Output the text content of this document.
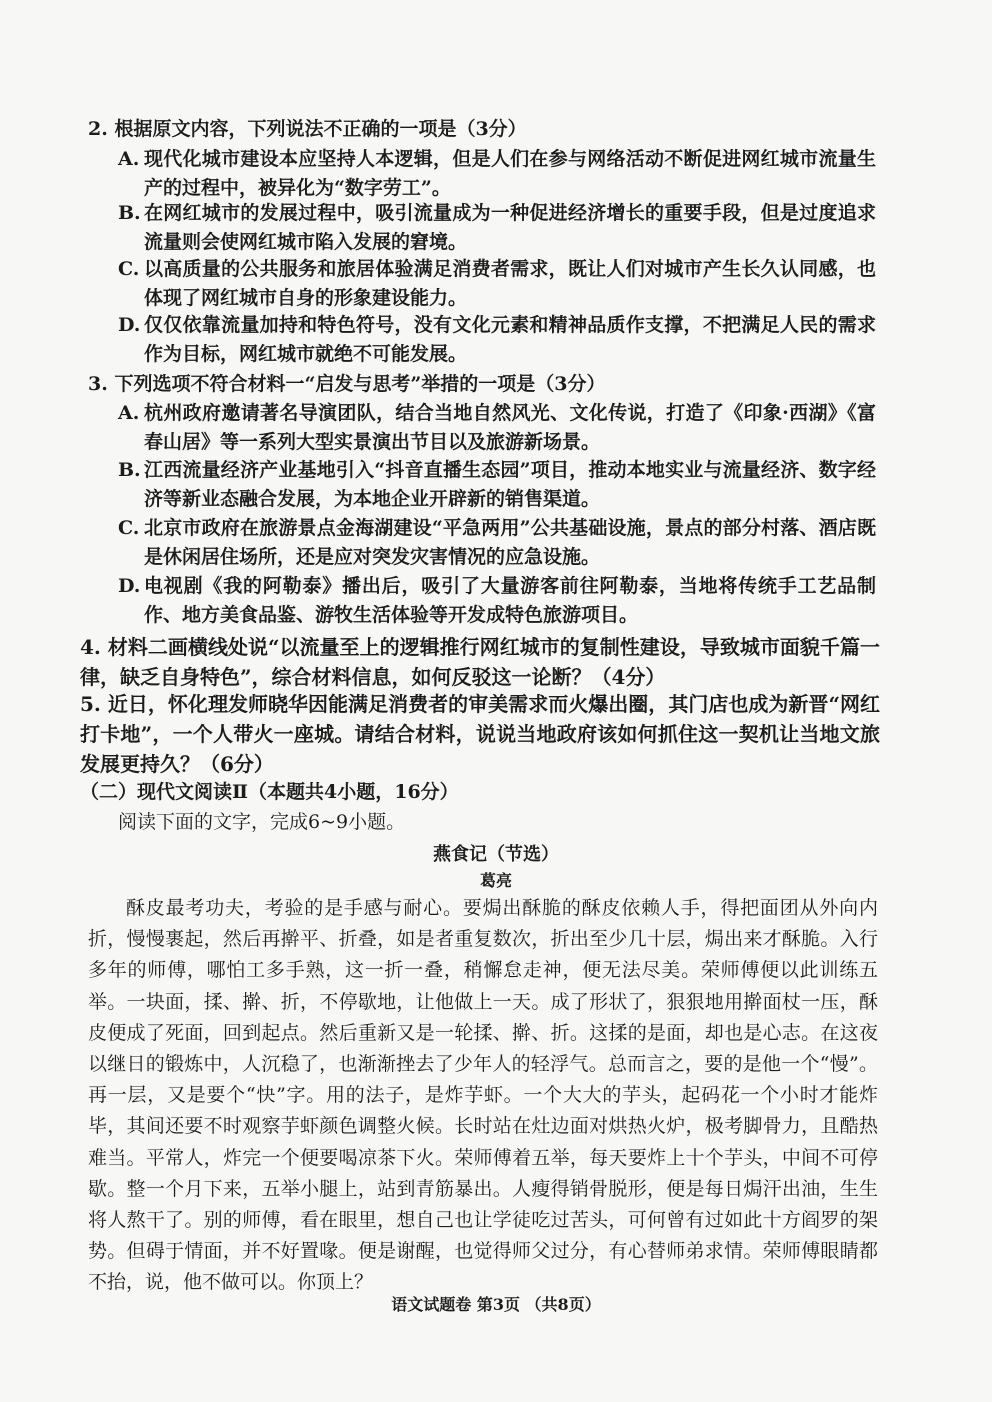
2. 根据原文内容，下列说法不正确的一项是（3分）
A. 现代化城市建设本应坚持人本逻辑，但是人们在参与网络活动不断促进网红城市流量生产的过程中，被异化为“数字劳工”。
B. 在网红城市的发展过程中，吸引流量成为一种促进经济增长的重要手段，但是过度追求流量则会使网红城市陷入发展的窘境。
C. 以高质量的公共服务和旅居体验满足消费者需求，既让人们对城市产生长久认同感，也体现了网红城市自身的形象建设能力。
D. 仅仅依靠流量加持和特色符号，没有文化元素和精神品质作支撑，不把满足人民的需求作为目标，网红城市就绝不可能发展。
3. 下列选项不符合材料一“启发与思考”举措的一项是（3分）
A. 杭州政府邀请著名导演团队，结合当地自然风光、文化传说，打造了《印象·西湖》《富春山居》等一系列大型实景演出节目以及旅游新场景。
B. 江西流量经济产业基地引入“抖音直播生态园”项目，推动本地实业与流量经济、数字经济等新业态融合发展，为本地企业开辟新的销售渠道。
C. 北京市政府在旅游景点金海湖建设“平急两用”公共基础设施，景点的部分村落、酒店既是休闲居住场所，还是应对突发灾害情况的应急设施。
D. 电视剧《我的阿勒泰》播出后，吸引了大量游客前往阿勒泰，当地将传统手工艺品制作、地方美食品鉴、游牧生活体验等开发成特色旅游项目。
4. 材料二画横线处说“以流量至上的逻辑推行网红城市的复制性建设，导致城市面貌千篇一律，缺乏自身特色”，综合材料信息，如何反驳这一论断？（4分）
5. 近日，怀化理发师晓华因能满足消费者的审美需求而火爆出圈，其门店也成为新晋“网红打卡地”，一个人带火一座城。请结合材料，说说当地政府该如何抓住这一契机让当地文旅发展更持久？（6分）
（二）现代文阅读Ⅱ（本题共4小题，16分）
阅读下面的文字，完成6~9小题。
燕食记（节选）
葛亮
酥皮最考功夫，考验的是手感与耐心。要焗出酥脆的酥皮依赖人手，得把面团从外向内折，慢慢裹起，然后再擀平、折叠，如是者重复数次，折出至少几十层，焗出来才酥脆。入行多年的师傅，哪怕工多手熟，这一折一叠，稍懈怠走神，便无法尽美。荣师傅便以此训练五举。一块面，揉、擀、折，不停歇地，让他做上一天。成了形状了，狠狠地用擀面杖一压，酥皮便成了死面，回到起点。然后重新又是一轮揉、擀、折。这揉的是面，却也是心志。在这夜以继日的锻炼中，人沉稳了，也渐渐挫去了少年人的轻浮气。总而言之，要的是他一个“慢”。再一层，又是要个“快”字。用的法子，是炸芋虾。一个大大的芋头，起码花一个小时才能炸毕，其间还要不时观察芋虾颜色调整火候。长时站在灶边面对烘热火炉，极考脚骨力，且酷热难当。平常人，炸完一个便要喝凉茶下火。荣师傅着五举，每天要炸上十个芋头，中间不可停歇。整一个月下来，五举小腿上，站到青筋暴出。人瘦得销骨脱形，便是每日焗汗出油，生生将人熬干了。别的师傅，看在眼里，想自己也让学徒吃过苦头，可何曾有过如此十方阎罗的架势。但碍于情面，并不好置喙。便是谢醒，也觉得师父过分，有心替师弟求情。荣师傅眼睛都不抬，说，他不做可以。你顶上？
语文试题卷 第3页 （共8页）
